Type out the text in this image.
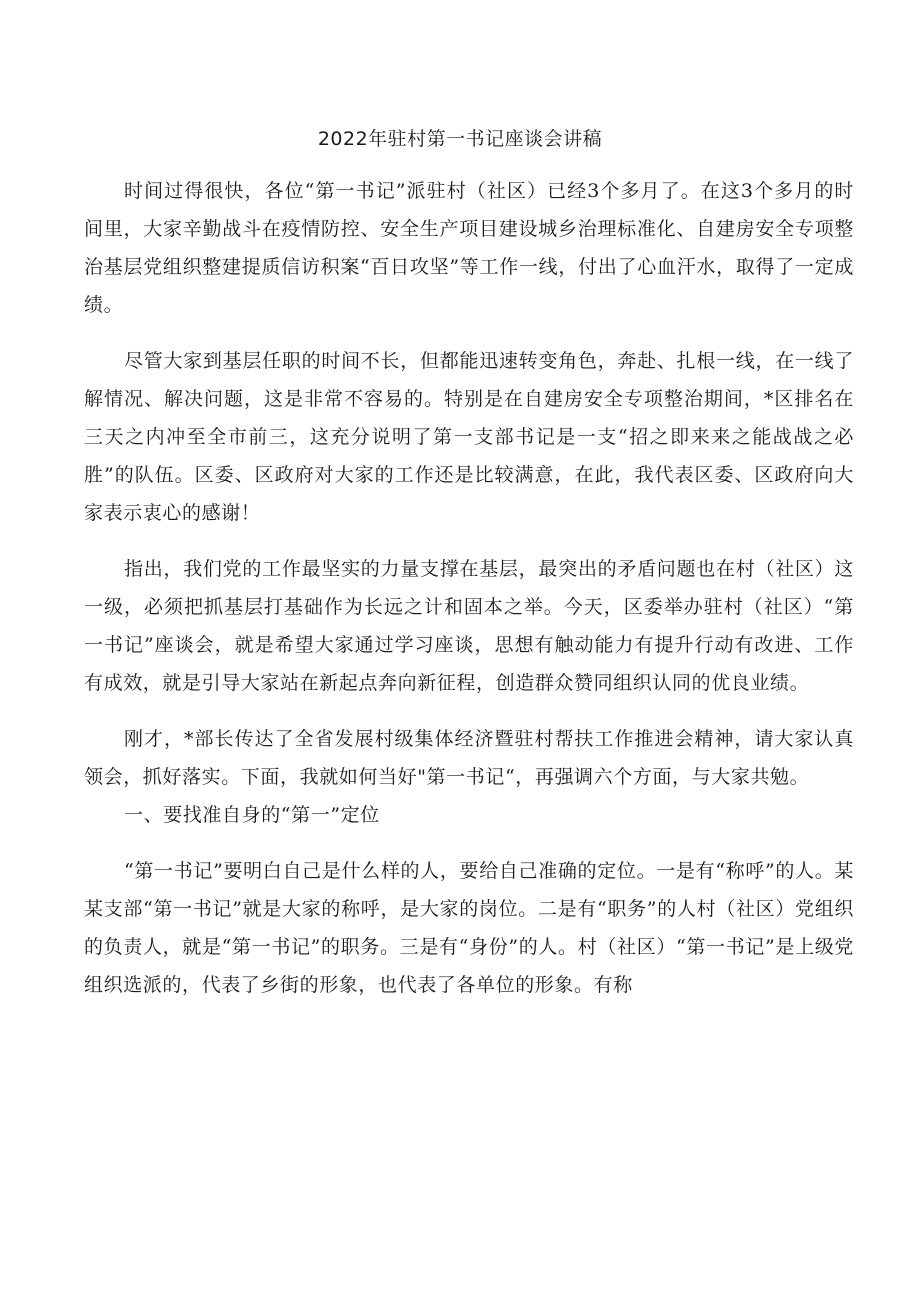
2022年驻村第一书记座谈会讲稿

时间过得很快，各位“第一书记”派驻村（社区）已经3个多月了。在这3个多月的时间里，大家辛勤战斗在疫情防控、安全生产项目建设城乡治理标准化、自建房安全专项整治基层党组织整建提质信访积案“百日攻坚”等工作一线，付出了心血汗水，取得了一定成绩。

尽管大家到基层任职的时间不长，但都能迅速转变角色，奔赴、扎根一线，在一线了解情况、解决问题，这是非常不容易的。特别是在自建房安全专项整治期间，*区排名在三天之内冲至全市前三，这充分说明了第一支部书记是一支“招之即来来之能战战之必胜”的队伍。区委、区政府对大家的工作还是比较满意，在此，我代表区委、区政府向大家表示衷心的感谢！

指出，我们党的工作最坚实的力量支撑在基层，最突出的矛盾问题也在村（社区）这一级，必须把抓基层打基础作为长远之计和固本之举。今天，区委举办驻村（社区）“第一书记”座谈会，就是希望大家通过学习座谈，思想有触动能力有提升行动有改进、工作有成效，就是引导大家站在新起点奔向新征程，创造群众赞同组织认同的优良业绩。

刚才，*部长传达了全省发展村级集体经济暨驻村帮扶工作推进会精神，请大家认真领会，抓好落实。下面，我就如何当好"第一书记“，再强调六个方面，与大家共勉。

一、要找准自身的“第一”定位

“第一书记”要明白自己是什么样的人，要给自己准确的定位。一是有“称呼”的人。某某支部“第一书记”就是大家的称呼，是大家的岗位。二是有“职务”的人村（社区）党组织的负责人，就是“第一书记”的职务。三是有“身份”的人。村（社区）“第一书记”是上级党组织选派的，代表了乡街的形象，也代表了各单位的形象。有称
